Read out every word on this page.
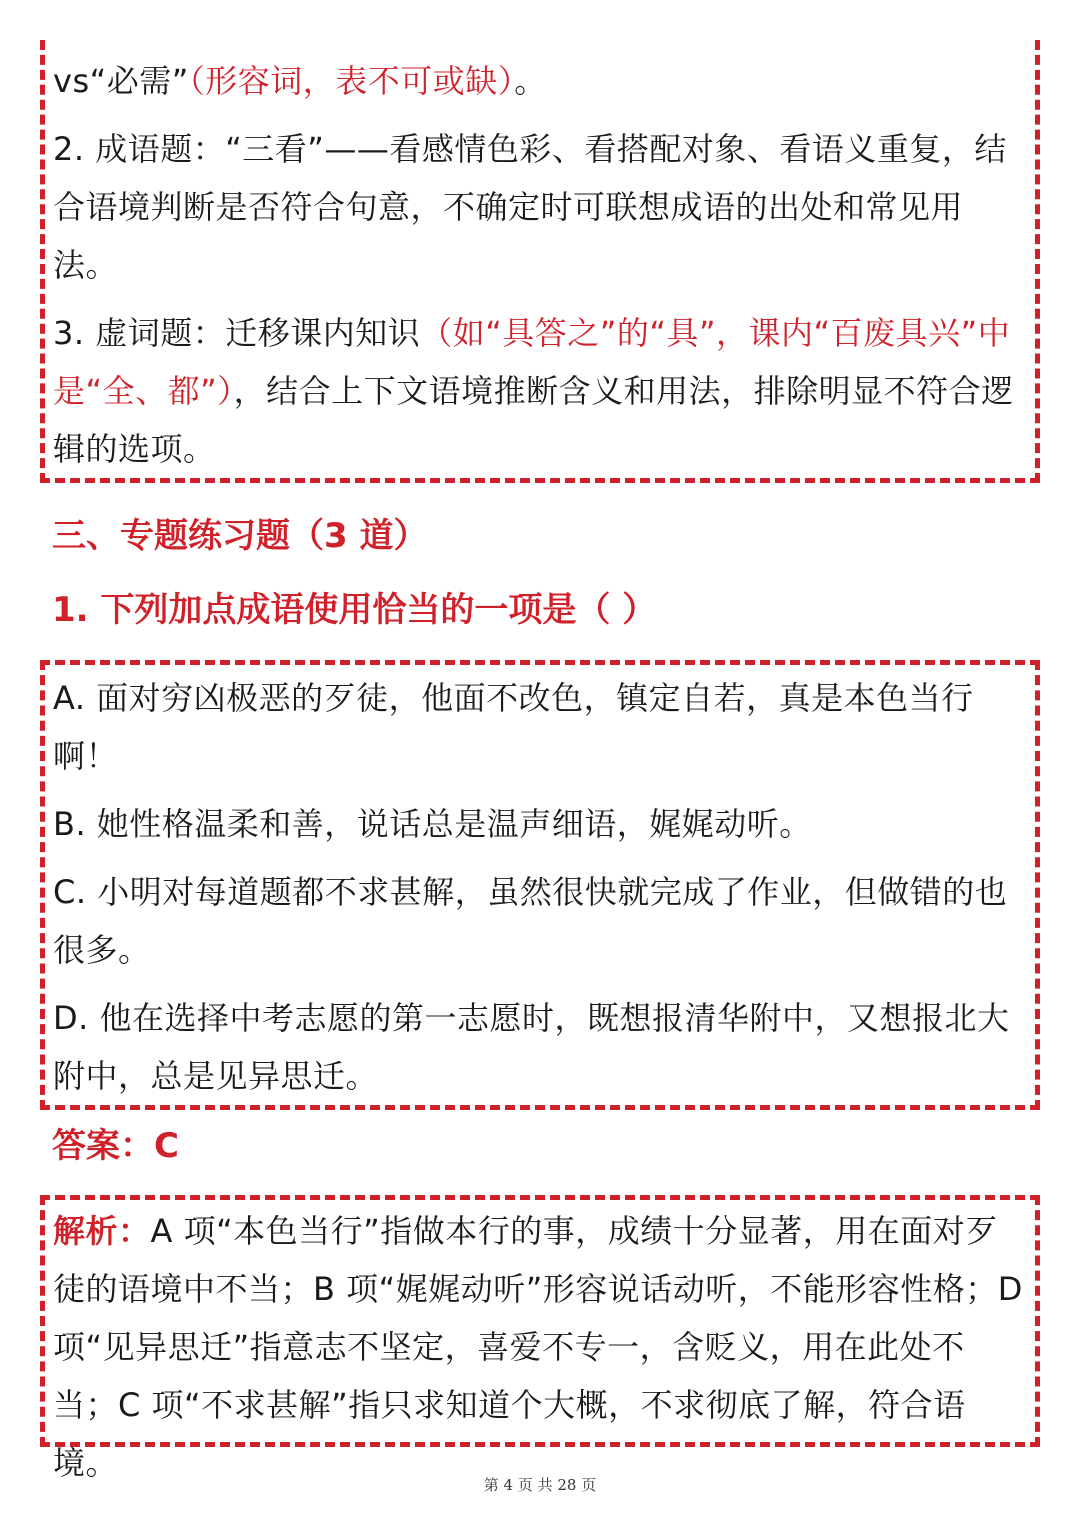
vs“必需”（形容词，表不可或缺）。

2. 成语题：“三看”——看感情色彩、看搭配对象、看语义重复，结合语境判断是否符合句意，不确定时可联想成语的出处和常见用法。

3. 虚词题：迁移课内知识（如“具答之”的“具”，课内“百废具兴”中是“全、都”），结合上下文语境推断含义和用法，排除明显不符合逻辑的选项。

三、专题练习题（3 道）
1. 下列加点成语使用恰当的一项是（ ）

A. 面对穷凶极恶的歹徒，他面不改色，镇定自若，真是本色当行啊！

B. 她性格温柔和善，说话总是温声细语，娓娓动听。

C. 小明对每道题都不求甚解，虽然很快就完成了作业，但做错的也很多。

D. 他在选择中考志愿的第一志愿时，既想报清华附中，又想报北大附中，总是见异思迁。

答案：C

解析：A 项“本色当行”指做本行的事，成绩十分显著，用在面对歹徒的语境中不当；B 项“娓娓动听”形容说话动听，不能形容性格；D 项“见异思迁”指意志不坚定，喜爱不专一，含贬义，用在此处不当；C 项“不求甚解”指只求知道个大概，不求彻底了解，符合语境。

第 4 页 共 28 页
